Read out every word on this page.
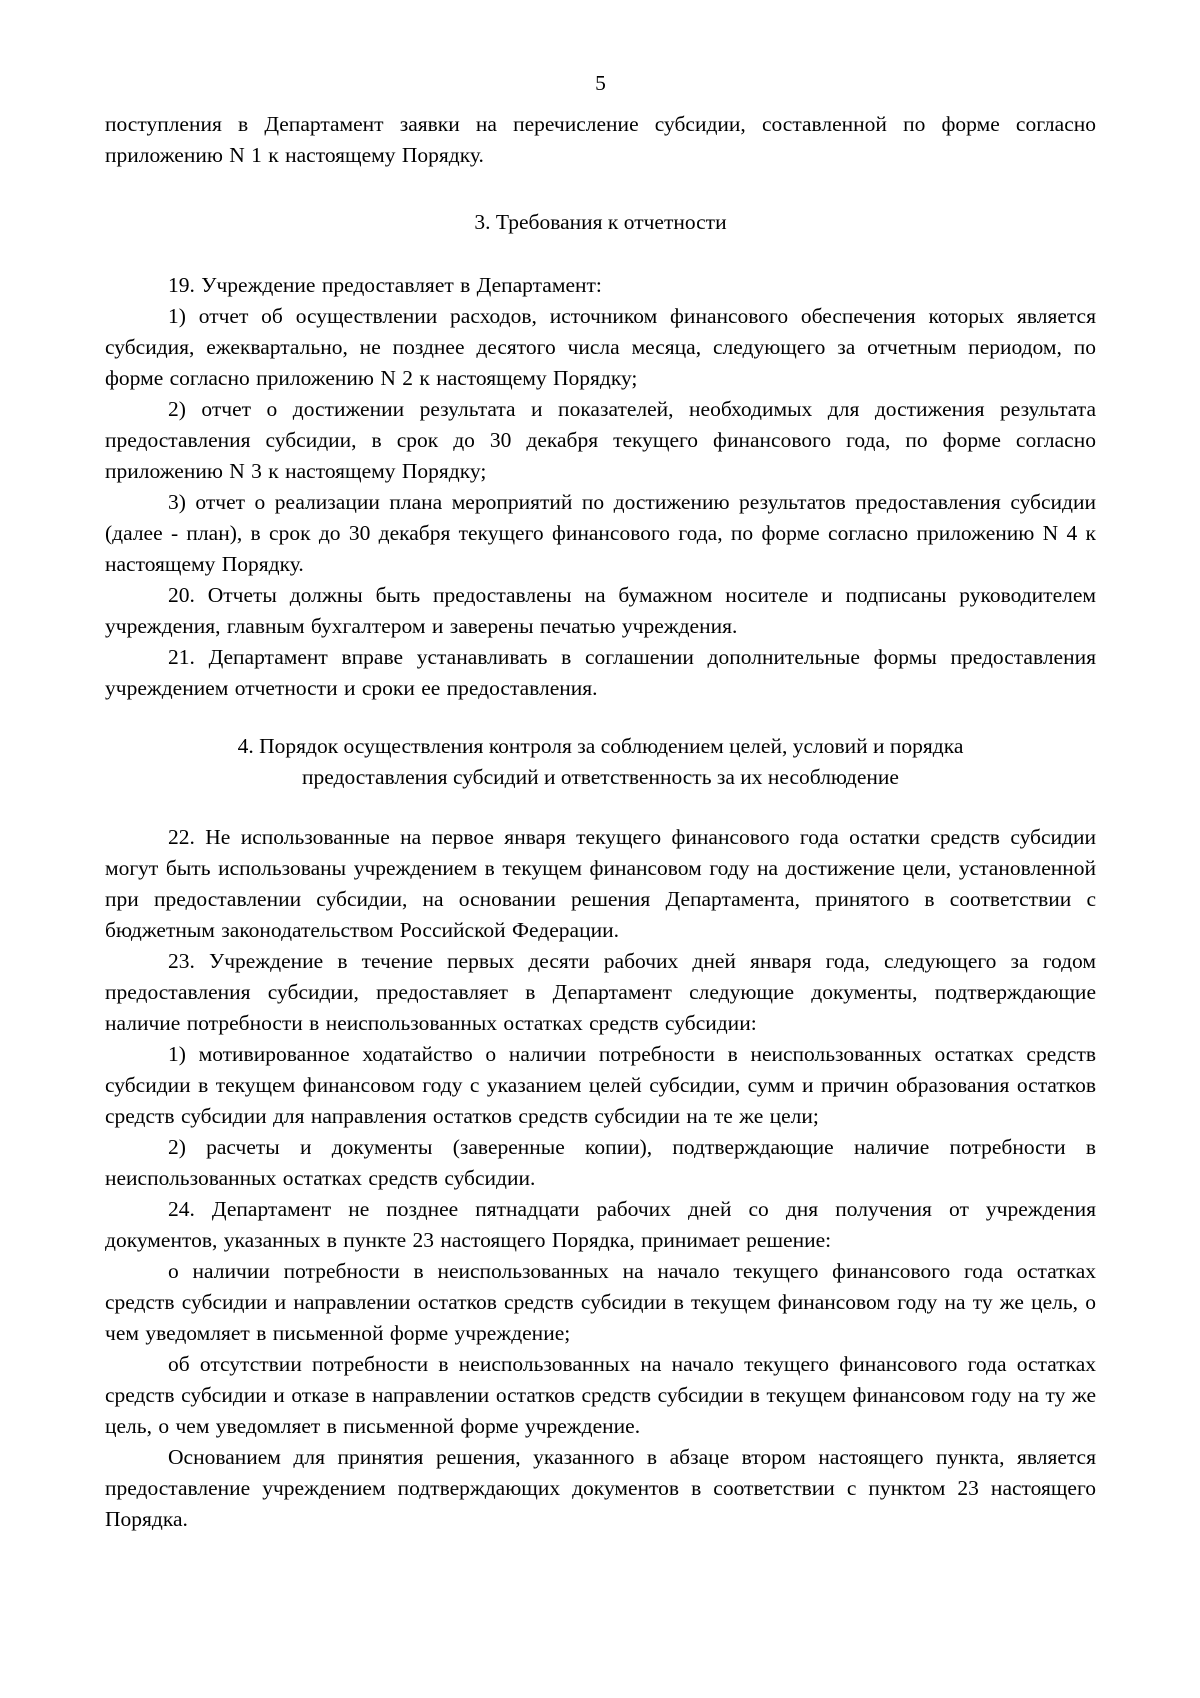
5

поступления в Департамент заявки на перечисление субсидии, составленной по форме согласно приложению N 1 к настоящему Порядку.

3. Требования к отчетности

19. Учреждение предоставляет в Департамент:

1) отчет об осуществлении расходов, источником финансового обеспечения которых является субсидия, ежеквартально, не позднее десятого числа месяца, следующего за отчетным периодом, по форме согласно приложению N 2 к настоящему Порядку;

2) отчет о достижении результата и показателей, необходимых для достижения результата предоставления субсидии, в срок до 30 декабря текущего финансового года, по форме согласно приложению N 3 к настоящему Порядку;

3) отчет о реализации плана мероприятий по достижению результатов предоставления субсидии (далее - план), в срок до 30 декабря текущего финансового года, по форме согласно приложению N 4 к настоящему Порядку.

20. Отчеты должны быть предоставлены на бумажном носителе и подписаны руководителем учреждения, главным бухгалтером и заверены печатью учреждения.

21. Департамент вправе устанавливать в соглашении дополнительные формы предоставления учреждением отчетности и сроки ее предоставления.

4. Порядок осуществления контроля за соблюдением целей, условий и порядка
предоставления субсидий и ответственность за их несоблюдение

22. Не использованные на первое января текущего финансового года остатки средств субсидии могут быть использованы учреждением в текущем финансовом году на достижение цели, установленной при предоставлении субсидии, на основании решения Департамента, принятого в соответствии с бюджетным законодательством Российской Федерации.

23. Учреждение в течение первых десяти рабочих дней января года, следующего за годом предоставления субсидии, предоставляет в Департамент следующие документы, подтверждающие наличие потребности в неиспользованных остатках средств субсидии:

1) мотивированное ходатайство о наличии потребности в неиспользованных остатках средств субсидии в текущем финансовом году с указанием целей субсидии, сумм и причин образования остатков средств субсидии для направления остатков средств субсидии на те же цели;

2) расчеты и документы (заверенные копии), подтверждающие наличие потребности в неиспользованных остатках средств субсидии.

24. Департамент не позднее пятнадцати рабочих дней со дня получения от учреждения документов, указанных в пункте 23 настоящего Порядка, принимает решение:

о наличии потребности в неиспользованных на начало текущего финансового года остатках средств субсидии и направлении остатков средств субсидии в текущем финансовом году на ту же цель, о чем уведомляет в письменной форме учреждение;

об отсутствии потребности в неиспользованных на начало текущего финансового года остатках средств субсидии и отказе в направлении остатков средств субсидии в текущем финансовом году на ту же цель, о чем уведомляет в письменной форме учреждение.

Основанием для принятия решения, указанного в абзаце втором настоящего пункта, является предоставление учреждением подтверждающих документов в соответствии с пунктом 23 настоящего Порядка.
